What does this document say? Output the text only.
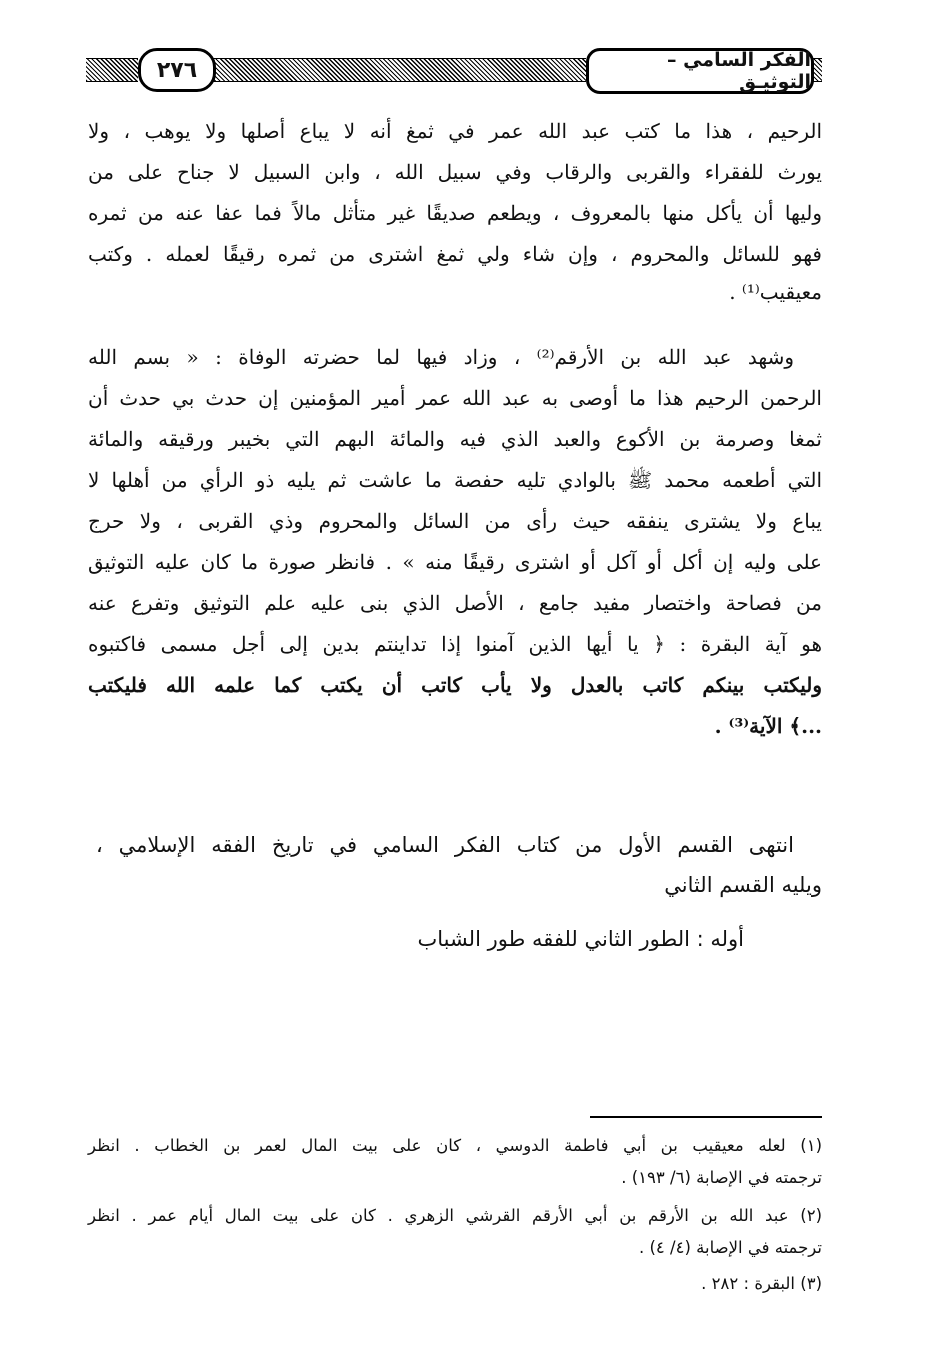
٢٧٦	الفكر السامي – التوثيـق
الرحيم ، هذا ما كتب عبد الله عمر في ثمغ أنه لا يباع أصلها ولا يوهب ، ولا
يورث للفقراء والقربى والرقاب وفي سبيل الله ، وابن السبيل لا جناح على من
وليها أن يأكل منها بالمعروف ، ويطعم صديقًا غير متأثل مالاً فما عفا عنه من ثمره
فهو للسائل والمحروم ، وإن شاء ولي ثمغ اشترى من ثمره رقيقًا لعمله . وكتب
معيقيب⁽¹⁾ .
وشهد عبد الله بن الأرقم⁽²⁾ ، وزاد فيها لما حضرته الوفاة : « بسم الله
الرحمن الرحيم هذا ما أوصى به عبد الله عمر أمير المؤمنين إن حدث بي حدث أن
ثمغا وصرمة بن الأكوع والعبد الذي فيه والمائة البهم التي بخيبر ورقيقه والمائة
التي أطعمه محمد ﷺ بالوادي تليه حفصة ما عاشت ثم يليه ذو الرأي من أهلها لا
يباع ولا يشترى ينفقه حيث رأى من السائل والمحروم وذي القربى ، ولا حرج
على وليه إن أكل أو آكل أو اشترى رقيقًا منه » . فانظر صورة ما كان عليه التوثيق
من فصاحة واختصار مفيد جامع ، الأصل الذي بنى عليه علم التوثيق وتفرع عنه
هو آية البقرة : ﴿ يا أيها الذين آمنوا إذا تداينتم بدين إلى أجل مسمى فاكتبوه
وليكتب بينكم كاتب بالعدل ولا يأب كاتب أن يكتب كما علمه الله فليكتب
...﴾ الآية⁽³⁾ .
انتهى القسم الأول من كتاب الفكر السامي في تاريخ الفقه الإسلامي ،
ويليه القسم الثاني
أوله : الطور الثاني للفقه طور الشباب
(١) لعله معيقيب بن أبي فاطمة الدوسي ، كان على بيت المال لعمر بن الخطاب . انظر
ترجمته في الإصابة (٦/ ١٩٣) .
(٢) عبد الله بن الأرقم بن أبي الأرقم القرشي الزهري . كان على بيت المال أيام عمر . انظر
ترجمته في الإصابة (٤/ ٤) .
(٣) البقرة : ٢٨٢ .
